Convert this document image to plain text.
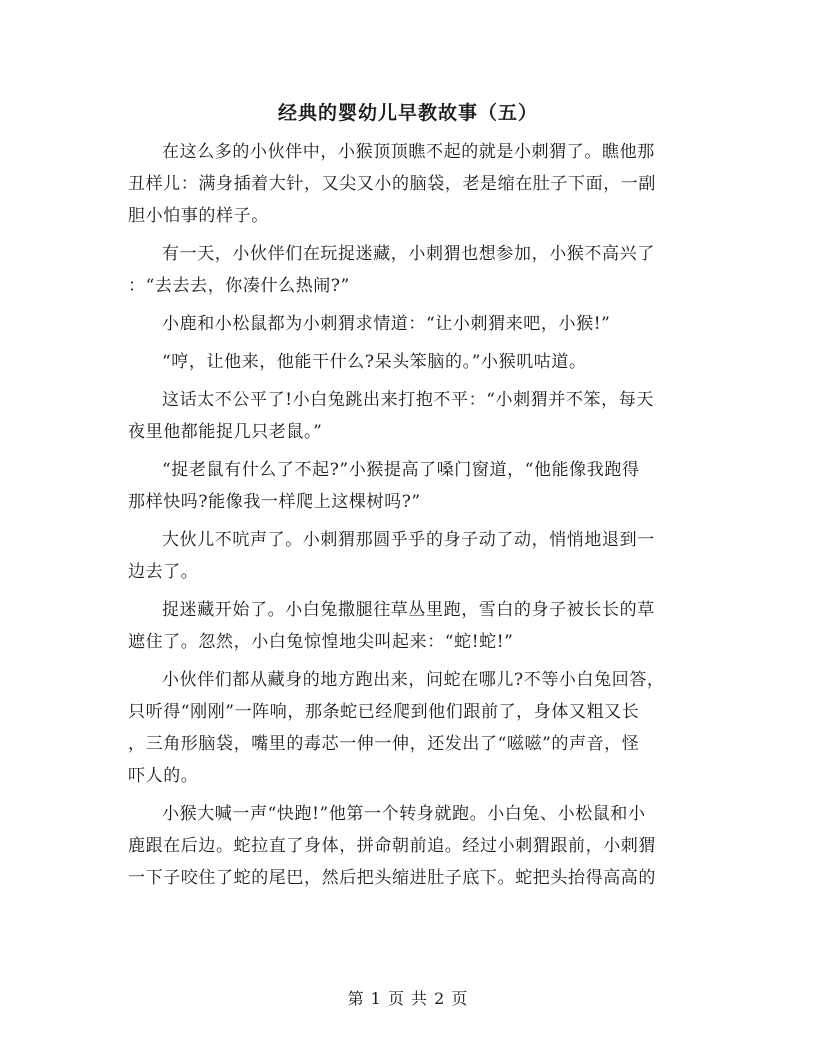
经典的婴幼儿早教故事（五）
在这么多的小伙伴中，小猴顶顶瞧不起的就是小刺猬了。瞧他那
丑样儿：满身插着大针，又尖又小的脑袋，老是缩在肚子下面，一副
胆小怕事的样子。
有一天，小伙伴们在玩捉迷藏，小刺猬也想参加，小猴不高兴了
：“去去去，你凑什么热闹?”
小鹿和小松鼠都为小刺猬求情道：“让小刺猬来吧，小猴!”
“哼，让他来，他能干什么?呆头笨脑的。”小猴叽咕道。
这话太不公平了!小白兔跳出来打抱不平：“小刺猬并不笨，每天
夜里他都能捉几只老鼠。”
“捉老鼠有什么了不起?”小猴提高了嗓门窗道，“他能像我跑得
那样快吗?能像我一样爬上这棵树吗?”
大伙儿不吭声了。小刺猬那圆乎乎的身子动了动，悄悄地退到一
边去了。
捉迷藏开始了。小白兔撒腿往草丛里跑，雪白的身子被长长的草
遮住了。忽然，小白兔惊惶地尖叫起来：“蛇!蛇!”
小伙伴们都从藏身的地方跑出来，问蛇在哪儿?不等小白兔回答，
只听得“刚刚”一阵响，那条蛇已经爬到他们跟前了，身体又粗又长
，三角形脑袋，嘴里的毒芯一伸一伸，还发出了“嗞嗞”的声音，怪
吓人的。
小猴大喊一声“快跑!”他第一个转身就跑。小白兔、小松鼠和小
鹿跟在后边。蛇拉直了身体，拼命朝前追。经过小刺猬跟前，小刺猬
一下子咬住了蛇的尾巴，然后把头缩进肚子底下。蛇把头抬得高高的
第 1 页 共 2 页
